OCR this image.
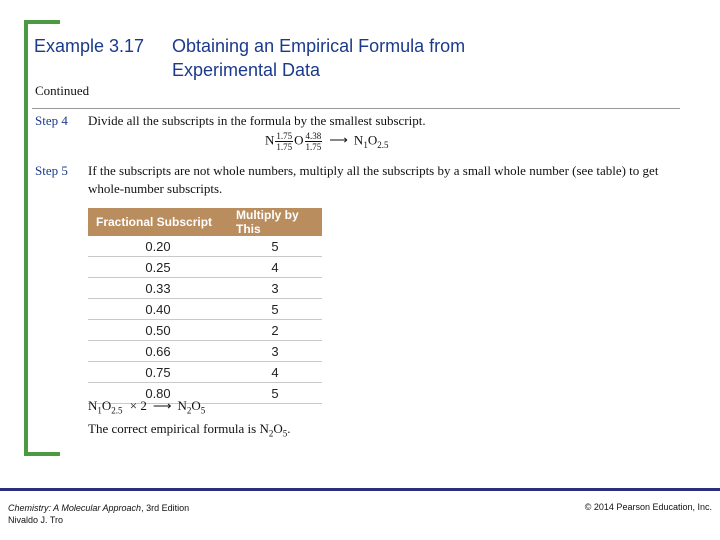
Example 3.17 Obtaining an Empirical Formula from
Experimental Data
Continued
Step 4 Divide all the subscripts in the formula by the smallest subscript.
N $\frac{1.75}{1.75}$ O $\frac{4.38}{1.75}$ ⟶ $N_1O_{2.5}$
Step 5 If the subscripts are not whole numbers, multiply all the subscripts by a small whole number (see table) to get whole-number subscripts.
Fractional Subscript	Multiply by This
0.20	5
0.25	4
0.33	3
0.40	5
0.50	2
0.66	3
0.75	4
0.80	5
$N_1O_{2.5} \times 2$ ⟶ $N_2O_5$
The correct empirical formula is $N_2O_5$.
Chemistry: A Molecular Approach, 3rd Edition
Nivaldo J. Tro
© 2014 Pearson Education, Inc.
